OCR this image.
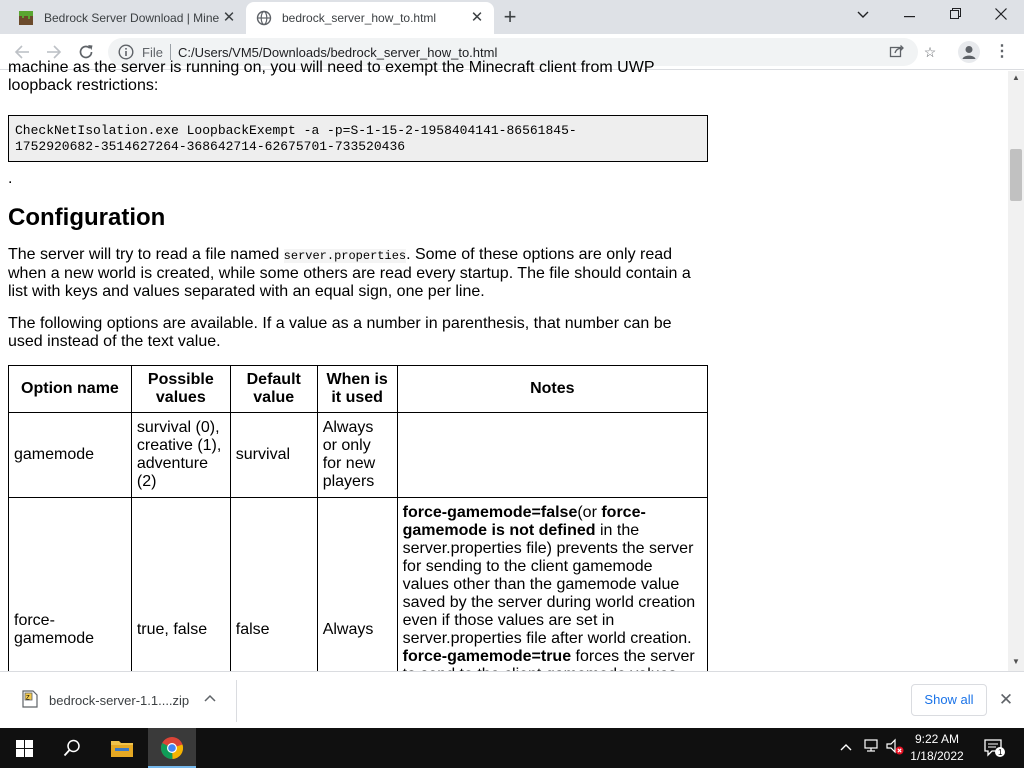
Bedrock Server Download | Mine ✕	bedrock_server_how_to.html	✕ +
File C:/Users/VM5/Downloads/bedrock_server_how_to.html	☆	⋮

machine as the server is running on, you will need to exempt the Minecraft client from UWP loopback restrictions:

CheckNetIsolation.exe LoopbackExempt -a -p=S-1-15-2-1958404141-86561845-
1752920682-3514627264-368642714-62675701-733520436
.
Configuration

The server will try to read a file named server.properties. Some of these options are only read when a new world is created, while some others are read every startup. The file should contain a list with keys and values separated with an equal sign, one per line.

The following options are available. If a value as a number in parenthesis, that number can be used instead of the text value.

Option name	Possible values	Default value	When is it used	Notes
gamemode	survival (0), creative (1), adventure (2)	survival	Always or only for new players	
force-gamemode	true, false	false	Always	force-gamemode=false(or force-gamemode is not defined in the server.properties file) prevents the server for sending to the client gamemode values other than the gamemode value saved by the server during world creation even if those values are set in server.properties file after world creation. force-gamemode=true forces the server
▲
▼
Z bedrock-server-1.1....zip	Show all	✕
9:22 AM
1/18/2022	1
